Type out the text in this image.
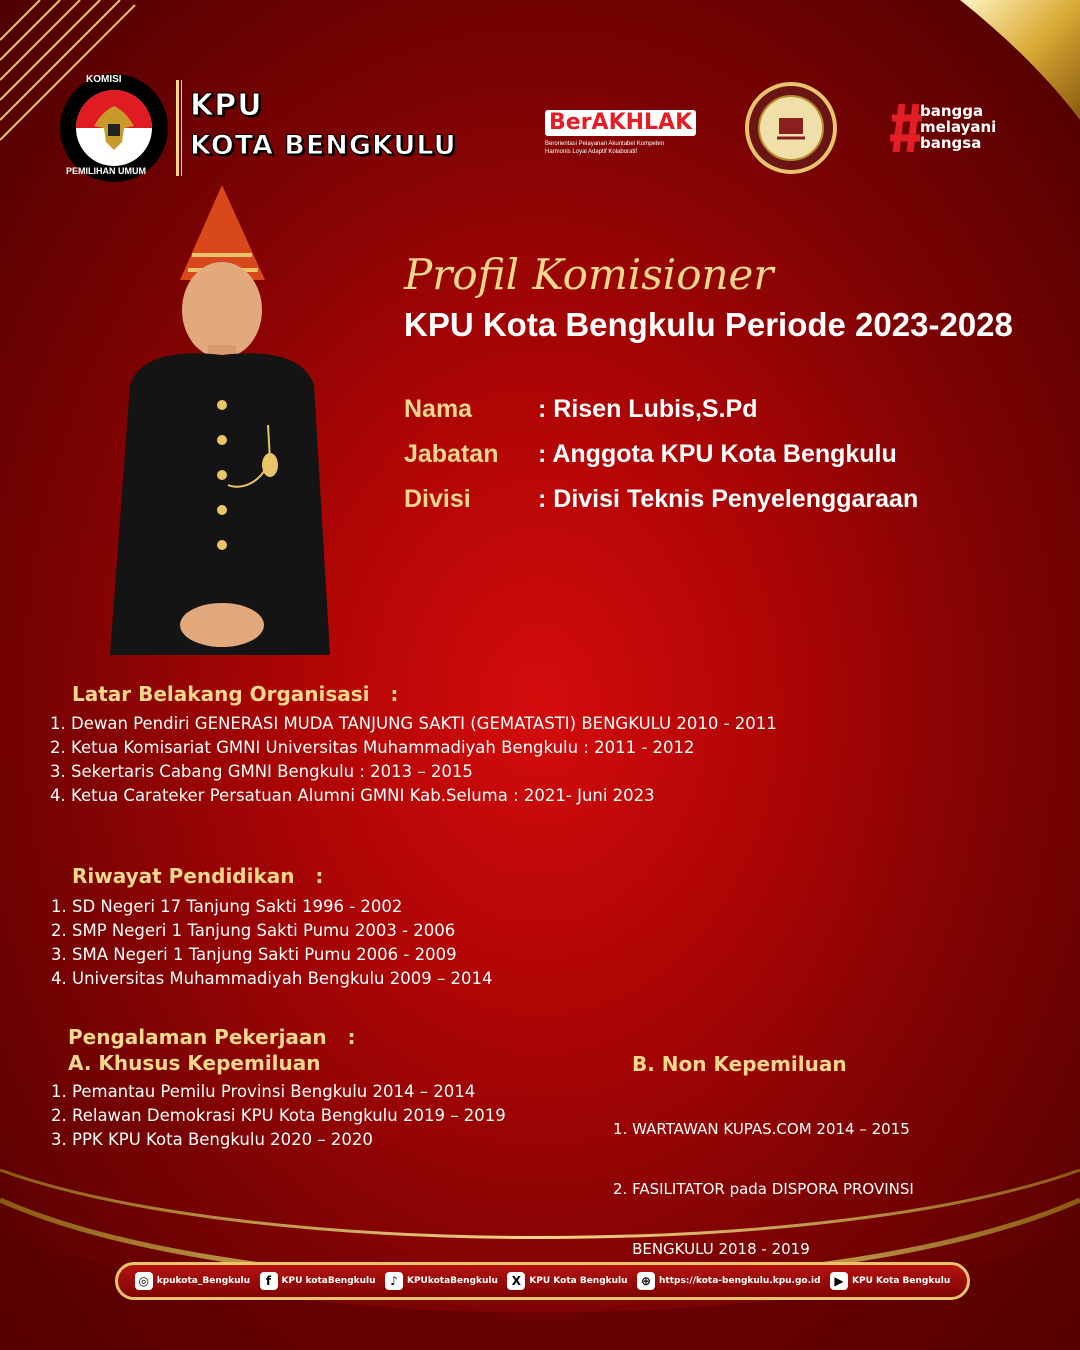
KOMISI
PEMILIHAN UMUM
KPU
KOTA BENGKULU
BerAKHLAK
Berorientasi Pelayanan Akuntabel Kompeten Harmonis Loyal Adaptif Kolaboratif
bangga
melayani
bangsa
Profil Komisioner
KPU Kota Bengkulu Periode 2023-2028
Nama	: Risen Lubis,S.Pd
Jabatan : Anggota KPU Kota Bengkulu
Divisi	: Divisi Teknis Penyelenggaraan
Latar Belakang Organisasi   :
1. Dewan Pendiri GENERASI MUDA TANJUNG SAKTI (GEMATASTI) BENGKULU 2010 - 2011
2. Ketua Komisariat GMNI Universitas Muhammadiyah Bengkulu : 2011 - 2012
3. Sekertaris Cabang GMNI Bengkulu : 2013 – 2015
4. Ketua Carateker Persatuan Alumni GMNI Kab.Seluma : 2021- Juni 2023
Riwayat Pendidikan   :
1. SD Negeri 17 Tanjung Sakti 1996 - 2002
2. SMP Negeri 1 Tanjung Sakti Pumu 2003 - 2006
3. SMA Negeri 1 Tanjung Sakti Pumu 2006 - 2009
4. Universitas Muhammadiyah Bengkulu 2009 – 2014
Pengalaman Pekerjaan   :
A. Khusus Kepemiluan
1. Pemantau Pemilu Provinsi Bengkulu 2014 – 2014
2. Relawan Demokrasi KPU Kota Bengkulu 2019 – 2019
3. PPK KPU Kota Bengkulu 2020 – 2020
B. Non Kepemiluan

1. WARTAWAN KUPAS.COM 2014 – 2015

2. FASILITATOR pada DISPORA PROVINSI

BENGKULU 2018 - 2019

◎ kpukota_Bengkulu	f	KPU kotaBengkulu	♪	KPUkotaBengkulu	X KPU Kota Bengkulu	⊕ https://kota-bengkulu.kpu.go.id	▶ KPU Kota Bengkulu
